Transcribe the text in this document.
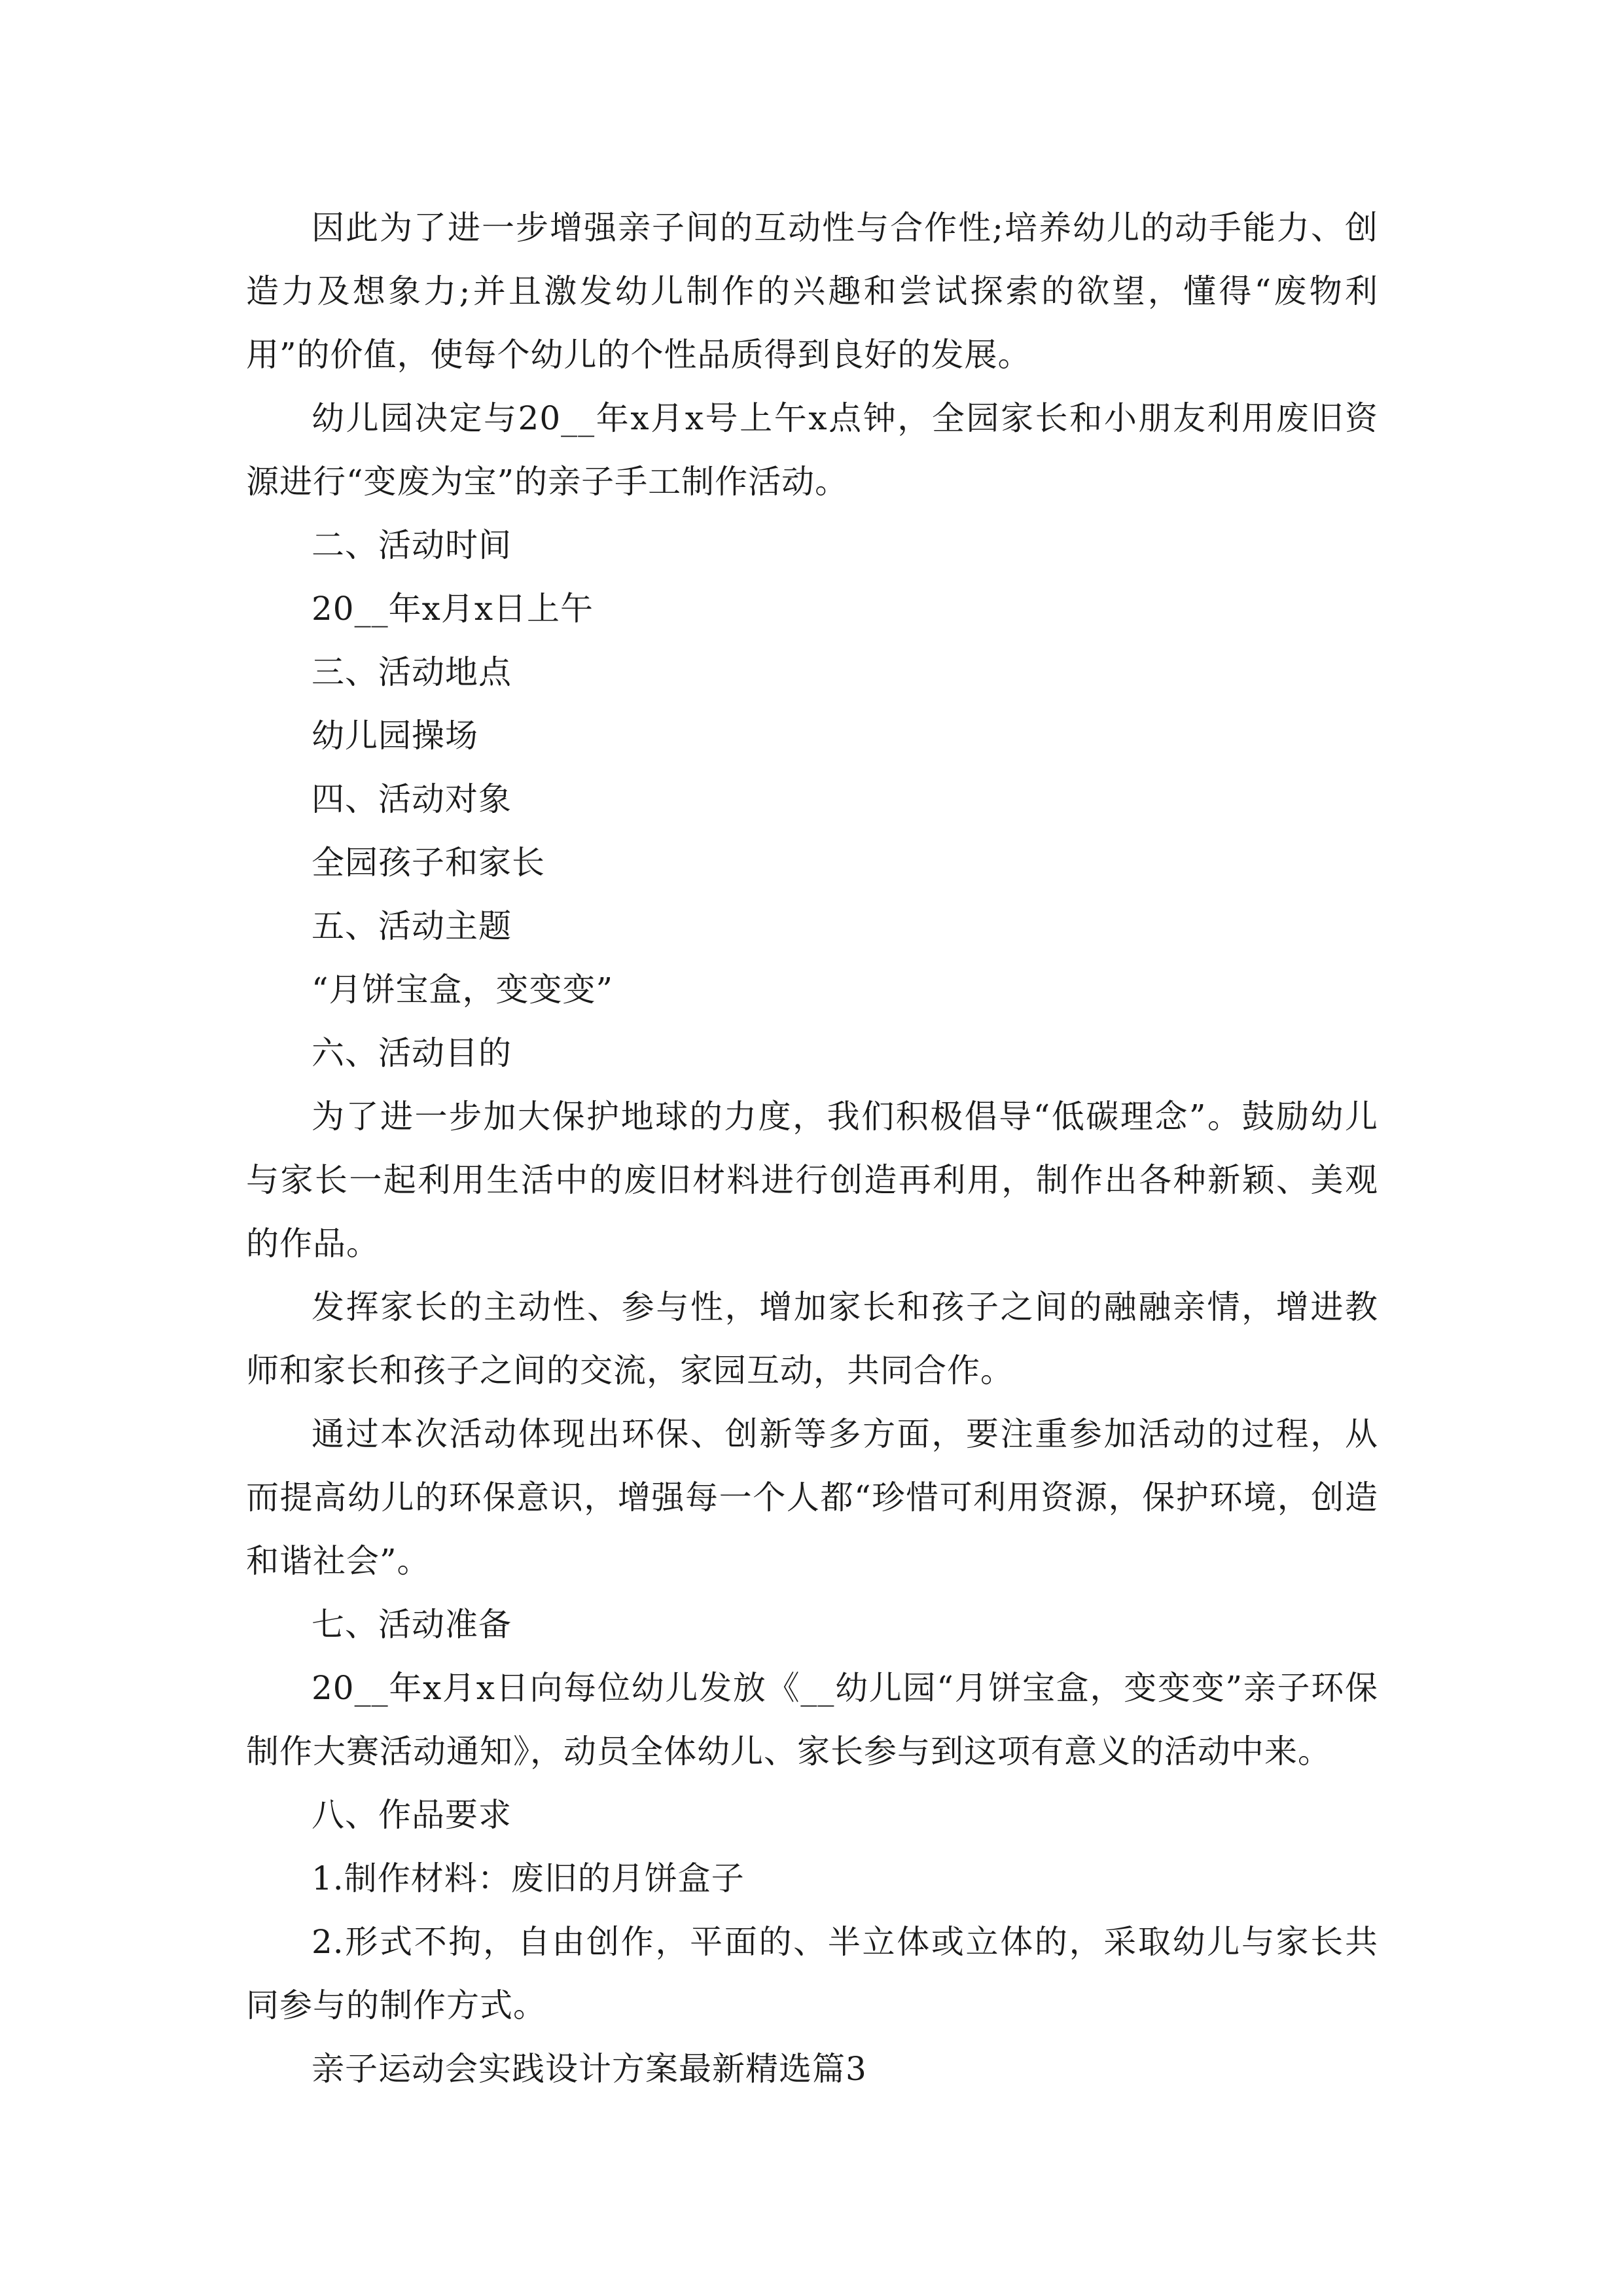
因此为了进一步增强亲子间的互动性与合作性;培养幼儿的动手能力、创造力及想象力;并且激发幼儿制作的兴趣和尝试探索的欲望，懂得“废物利用”的价值，使每个幼儿的个性品质得到良好的发展。

幼儿园决定与20__年x月x号上午x点钟，全园家长和小朋友利用废旧资源进行“变废为宝”的亲子手工制作活动。

二、活动时间

20__年x月x日上午

三、活动地点

幼儿园操场

四、活动对象

全园孩子和家长

五、活动主题

“月饼宝盒，变变变”

六、活动目的

为了进一步加大保护地球的力度，我们积极倡导“低碳理念”。鼓励幼儿与家长一起利用生活中的废旧材料进行创造再利用，制作出各种新颖、美观的作品。

发挥家长的主动性、参与性，增加家长和孩子之间的融融亲情，增进教师和家长和孩子之间的交流，家园互动，共同合作。

通过本次活动体现出环保、创新等多方面，要注重参加活动的过程，从而提高幼儿的环保意识，增强每一个人都“珍惜可利用资源，保护环境，创造和谐社会”。

七、活动准备

20__年x月x日向每位幼儿发放《__幼儿园“月饼宝盒，变变变”亲子环保制作大赛活动通知》，动员全体幼儿、家长参与到这项有意义的活动中来。

八、作品要求

1.制作材料：废旧的月饼盒子

2.形式不拘，自由创作，平面的、半立体或立体的，采取幼儿与家长共同参与的制作方式。

亲子运动会实践设计方案最新精选篇3
